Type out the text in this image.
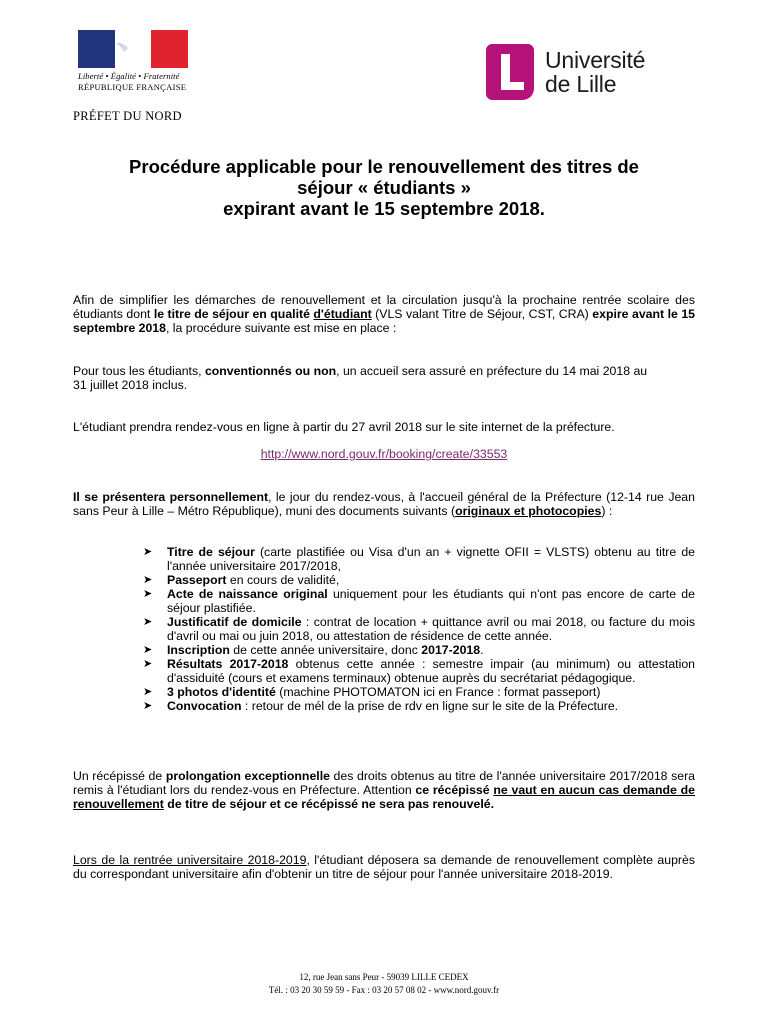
Liberté • Égalité • Fraternité
RÉPUBLIQUE FRANÇAISE
PRÉFET DU NORD
Université
de Lille
Procédure applicable pour le renouvellement des titres de
séjour « étudiants »
expirant avant le 15 septembre 2018.
Afin de simplifier les démarches de renouvellement et la circulation jusqu'à la prochaine rentrée scolaire des étudiants dont le titre de séjour en qualité d'étudiant (VLS valant Titre de Séjour, CST, CRA) expire avant le 15 septembre 2018, la procédure suivante est mise en place :
Pour tous les étudiants, conventionnés ou non, un accueil sera assuré en préfecture du 14 mai 2018 au
31 juillet 2018 inclus.
L'étudiant prendra rendez-vous en ligne à partir du 27 avril 2018 sur le site internet de la préfecture.
http://www.nord.gouv.fr/booking/create/33553
Il se présentera personnellement, le jour du rendez-vous, à l'accueil général de la Préfecture (12-14 rue Jean sans Peur à Lille – Métro République), muni des documents suivants (originaux et photocopies) :
➤ Titre de séjour (carte plastifiée ou Visa d'un an + vignette OFII = VLSTS) obtenu au titre de l'année universitaire 2017/2018,
➤ Passeport en cours de validité,
➤ Acte de naissance original uniquement pour les étudiants qui n'ont pas encore de carte de séjour plastifiée.
➤ Justificatif de domicile : contrat de location + quittance avril ou mai 2018, ou facture du mois d'avril ou mai ou juin 2018, ou attestation de résidence de cette année.
➤ Inscription de cette année universitaire, donc 2017-2018.
➤ Résultats 2017-2018 obtenus cette année : semestre impair (au minimum) ou attestation d'assiduité (cours et examens terminaux) obtenue auprès du secrétariat pédagogique.
➤ 3 photos d'identité (machine PHOTOMATON ici en France : format passeport)
➤ Convocation : retour de mél de la prise de rdv en ligne sur le site de la Préfecture.
Un récépissé de prolongation exceptionnelle des droits obtenus au titre de l'année universitaire 2017/2018 sera remis à l'étudiant lors du rendez-vous en Préfecture. Attention ce récépissé ne vaut en aucun cas demande de renouvellement de titre de séjour et ce récépissé ne sera pas renouvelé.
Lors de la rentrée universitaire 2018-2019, l'étudiant déposera sa demande de renouvellement complète auprès du correspondant universitaire afin d'obtenir un titre de séjour pour l'année universitaire 2018-2019.
12, rue Jean sans Peur - 59039 LILLE CEDEX
Tél. : 03 20 30 59 59 - Fax : 03 20 57 08 02 - www.nord.gouv.fr
